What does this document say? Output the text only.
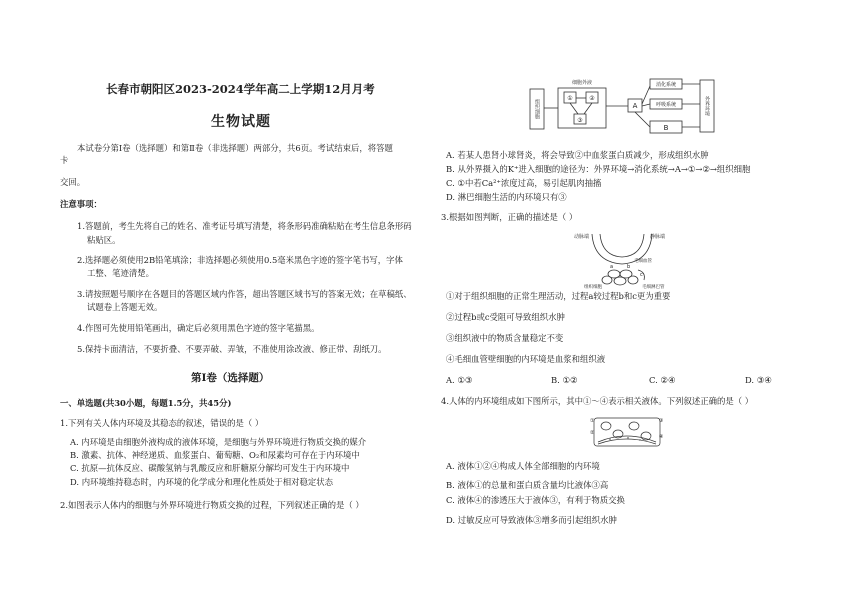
长春市朝阳区2023-2024学年高二上学期12月月考
生物试题
本试卷分第Ⅰ卷（选择题）和第Ⅱ卷（非选择题）两部分，共6页。考试结束后，将答题
卡
交回。
注意事项：
1.答题前，考生先将自己的姓名、准考证号填写清楚，将条形码准确粘贴在考生信息条形码
粘贴区。
2.选择题必须使用2B铅笔填涂；非选择题必须使用0.5毫米黑色字迹的签字笔书写，字体
工整、笔迹清楚。
3.请按照题号顺序在各题目的答题区域内作答，超出答题区域书写的答案无效；在草稿纸、
试题卷上答题无效。
4.作图可先使用铅笔画出，确定后必须用黑色字迹的签字笔描黑。
5.保持卡面清洁，不要折叠、不要弄破、弄皱，不准使用涂改液、修正带、刮纸刀。
第Ⅰ卷（选择题）
一、单选题(共30小题，每题1.5分，共45分)
1.下列有关人体内环境及其稳态的叙述，错误的是（ ）
A. 内环境是由细胞外液构成的液体环境，是细胞与外界环境进行物质交换的媒介
B. 激素、抗体、神经递质、血浆蛋白、葡萄糖、O₂和尿素均可存在于内环境中
C. 抗原—抗体反应、碳酸氢钠与乳酸反应和肝糖原分解均可发生于内环境中
D. 内环境维持稳态时，内环境的化学成分和理化性质处于相对稳定状态
2.如图表示人体内的细胞与外界环境进行物质交换的过程，下列叙述正确的是（ ）
组织细胞
细胞外液
①	②
③
A
消化系统
呼吸系统
B
外界环境
A. 若某人患肾小球肾炎，将会导致②中血浆蛋白质减少，形成组织水肿
B. 从外界摄入的K⁺进入细胞的途径为：外界环境→消化系统→A→①→②→组织细胞
C. ①中若Ca²⁺浓度过高，易引起肌肉抽搐
D. 淋巴细胞生活的内环境只有③
3.根据如图判断，正确的描述是（ ）
动脉端	静脉端
a	b
c
毛细血管
组织细胞	毛细淋巴管
①对于组织细胞的正常生理活动，过程a较过程b和c更为重要
②过程b或c受阻可导致组织水肿
③组织液中的物质含量稳定不变
④毛细血管壁细胞的内环境是血浆和组织液
A. ①③	B. ①②	C. ②④	D. ③④
4.人体的内环境组成如下图所示，其中①～④表示相关液体。下列叙述正确的是（ ）
①
②
③
④
A. 液体①②④构成人体全部细胞的内环境
B. 液体①的总量和蛋白质含量均比液体③高
C. 液体④的渗透压大于液体③，有利于物质交换
D. 过敏反应可导致液体③增多而引起组织水肿
